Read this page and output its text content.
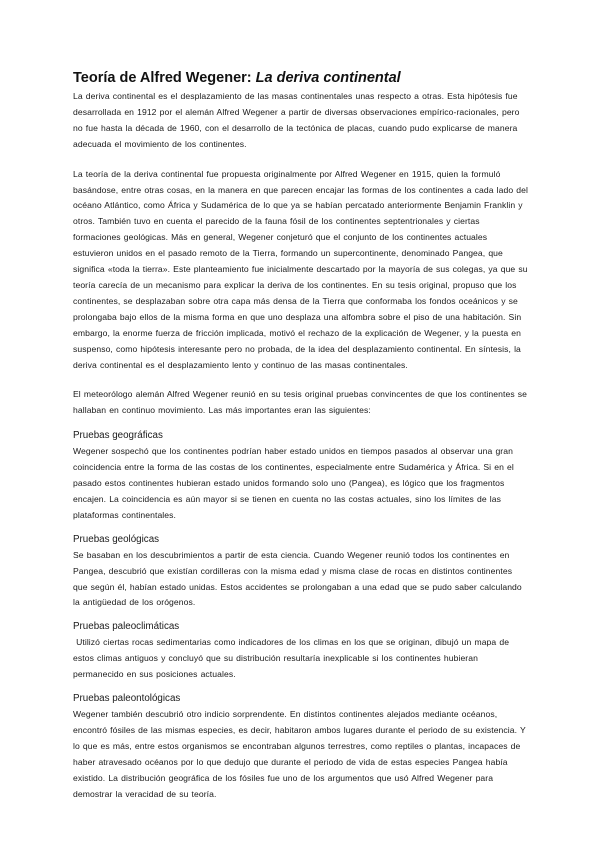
Teoría de Alfred Wegener: La deriva continental

La deriva continental es el desplazamiento de las masas continentales unas respecto a otras. Esta hipótesis fue desarrollada en 1912 por el alemán Alfred Wegener a partir de diversas observaciones empírico-racionales, pero no fue hasta la década de 1960, con el desarrollo de la tectónica de placas, cuando pudo explicarse de manera adecuada el movimiento de los continentes.

La teoría de la deriva continental fue propuesta originalmente por Alfred Wegener en 1915, quien la formuló basándose, entre otras cosas, en la manera en que parecen encajar las formas de los continentes a cada lado del océano Atlántico, como África y Sudamérica de lo que ya se habían percatado anteriormente Benjamin Franklin y otros. También tuvo en cuenta el parecido de la fauna fósil de los continentes septentrionales y ciertas formaciones geológicas. Más en general, Wegener conjeturó que el conjunto de los continentes actuales estuvieron unidos en el pasado remoto de la Tierra, formando un supercontinente, denominado Pangea, que significa «toda la tierra». Este planteamiento fue inicialmente descartado por la mayoría de sus colegas, ya que su teoría carecía de un mecanismo para explicar la deriva de los continentes. En su tesis original, propuso que los continentes, se desplazaban sobre otra capa más densa de la Tierra que conformaba los fondos oceánicos y se prolongaba bajo ellos de la misma forma en que uno desplaza una alfombra sobre el piso de una habitación. Sin embargo, la enorme fuerza de fricción implicada, motivó el rechazo de la explicación de Wegener, y la puesta en suspenso, como hipótesis interesante pero no probada, de la idea del desplazamiento continental. En síntesis, la deriva continental es el desplazamiento lento y continuo de las masas continentales.

El meteorólogo alemán Alfred Wegener reunió en su tesis original pruebas convincentes de que los continentes se hallaban en continuo movimiento. Las más importantes eran las siguientes:

Pruebas geográficas

Wegener sospechó que los continentes podrían haber estado unidos en tiempos pasados al observar una gran coincidencia entre la forma de las costas de los continentes, especialmente entre Sudamérica y África. Si en el pasado estos continentes hubieran estado unidos formando solo uno (Pangea), es lógico que los fragmentos encajen. La coincidencia es aún mayor si se tienen en cuenta no las costas actuales, sino los límites de las plataformas continentales.

Pruebas geológicas

Se basaban en los descubrimientos a partir de esta ciencia. Cuando Wegener reunió todos los continentes en Pangea, descubrió que existían cordilleras con la misma edad y misma clase de rocas en distintos continentes que según él, habían estado unidas. Estos accidentes se prolongaban a una edad que se pudo saber calculando la antigüedad de los orógenos.

Pruebas paleoclimáticas

Utilizó ciertas rocas sedimentarias como indicadores de los climas en los que se originan, dibujó un mapa de estos climas antiguos y concluyó que su distribución resultaría inexplicable si los continentes hubieran permanecido en sus posiciones actuales.

Pruebas paleontológicas

Wegener también descubrió otro indicio sorprendente. En distintos continentes alejados mediante océanos, encontró fósiles de las mismas especies, es decir, habitaron ambos lugares durante el periodo de su existencia. Y lo que es más, entre estos organismos se encontraban algunos terrestres, como reptiles o plantas, incapaces de haber atravesado océanos por lo que dedujo que durante el periodo de vida de estas especies Pangea había existido. La distribución geográfica de los fósiles fue uno de los argumentos que usó Alfred Wegener para demostrar la veracidad de su teoría.
